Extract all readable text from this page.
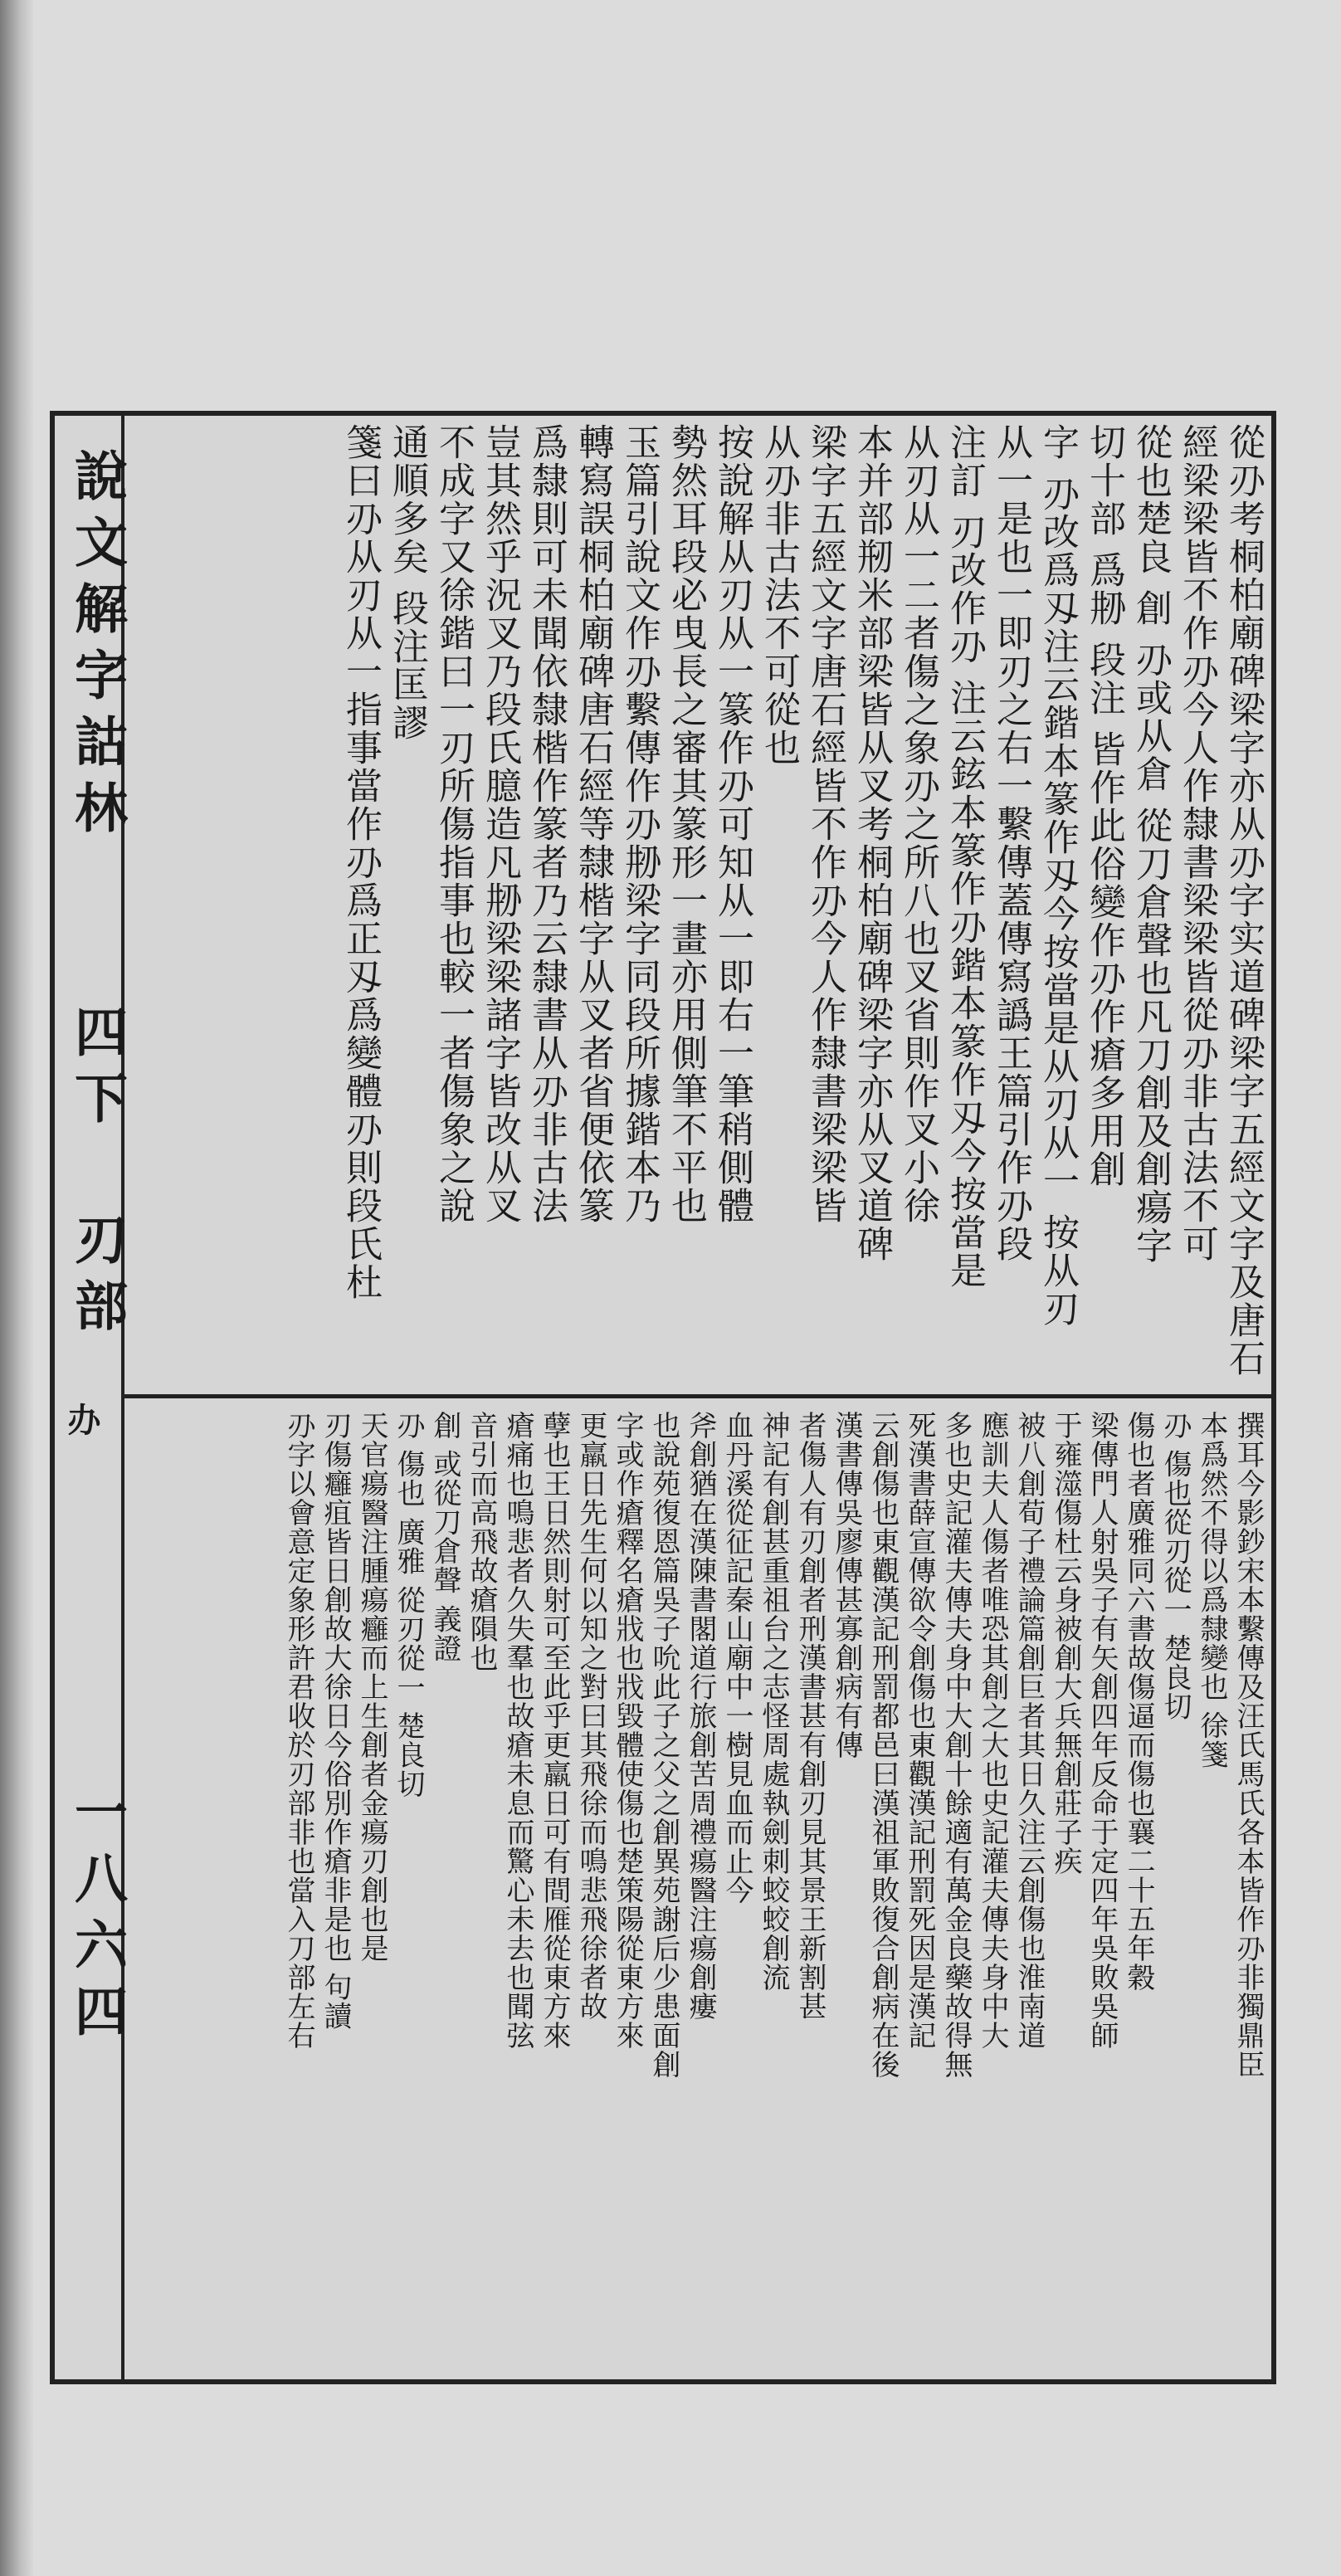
說文解字詁林
四下
刃部
办
一八六四
從刅考桐柏廟碑梁字亦从刅字实道碑梁字五經文字及唐石
經梁梁皆不作刅今人作隸書梁梁皆從刅非古法不可
從也楚良 創 刅或从倉 從刀倉聲也凡刀創及創瘍字
切十部 爲刱 段注 皆作此俗變作刅作瘡多用創
字 刅改爲刄注云鍇本篆作刄今按當是从刃从一 按从刃
从一是也一即刃之右一繫傳蓋傳寫譌王篇引作刅段
注訂 刃改作刅 注云鉉本篆作刅鍇本篆作刄今按當是
从刃从一二者傷之象刅之所八也叉省則作叉小徐
本并部剏米部梁皆从叉考桐柏廟碑梁字亦从叉道碑
梁字五經文字唐石經皆不作刅今人作隸書梁梁皆
从刅非古法不可從也
按說解从刃从一篆作刅可知从一即右一筆稍側體
勢然耳段必曳長之審其篆形一畫亦用側筆不平也
玉篇引說文作刅繫傳作刅刱梁字同段所據鍇本乃
轉寫誤桐柏廟碑唐石經等隸楷字从叉者省便依篆
爲隸則可未聞依隸楷作篆者乃云隸書从刅非古法
豈其然乎況叉乃段氏臆造凡刱梁梁諸字皆改从叉
不成字又徐鍇曰一刃所傷指事也較一者傷象之說
通順多矣 段注匡謬
箋曰刅从刃从一指事當作刅爲正刄爲變體刅則段氏杜
撰耳今影鈔宋本繫傳及汪氏馬氏各本皆作刅非獨鼎臣
本爲然不得以爲隸變也 徐箋
刅 傷也從刃從一 楚良切
傷也者廣雅同六書故傷逼而傷也襄二十五年穀
梁傳門人射吳子有矢創四年反命于定四年吳敗吳師
于雍澨傷杜云身被創大兵無創莊子疾
被八創荀子禮論篇創巨者其日久注云創傷也淮南道
應訓夫人傷者唯恐其創之大也史記灌夫傳夫身中大
多也史記灌夫傳夫身中大創十餘適有萬金良藥故得無
死漢書薛宣傳欲令創傷也東觀漢記刑罰死因是漢記
云創傷也東觀漢記刑罰都邑曰漢祖軍敗復合創病在後
漢書傳吳廖傳甚寡創病有傳
者傷人有刃創者刑漢書甚有創刃見其景王新割甚
神記有創甚重祖台之志怪周處執劍刺蛟蛟創流
血丹溪從征記秦山廟中一樹見血而止今
斧創猶在漢陳書閣道行旅創苦周禮瘍醫注瘍創瘻
也說苑復恩篇吳子吮此子之父之創異苑謝后少患面創
字或作瘡釋名瘡戕也戕毀體使傷也楚策陽從東方來
更羸日先生何以知之對曰其飛徐而鳴悲飛徐者故
孽也王日然則射可至此乎更羸日可有間雁從東方來
瘡痛也鳴悲者久失羣也故瘡未息而驚心未去也聞弦
音引而高飛故瘡隕也
創 或從刀倉聲 義證
刅 傷也 廣雅 從刃從一 楚良切
天官瘍醫注腫瘍癰而上生創者金瘍刃創也是
刃傷癰疽皆日創故大徐日今俗別作瘡非是也 句讀
刅字以會意定象形許君收於刃部非也當入刀部左右
